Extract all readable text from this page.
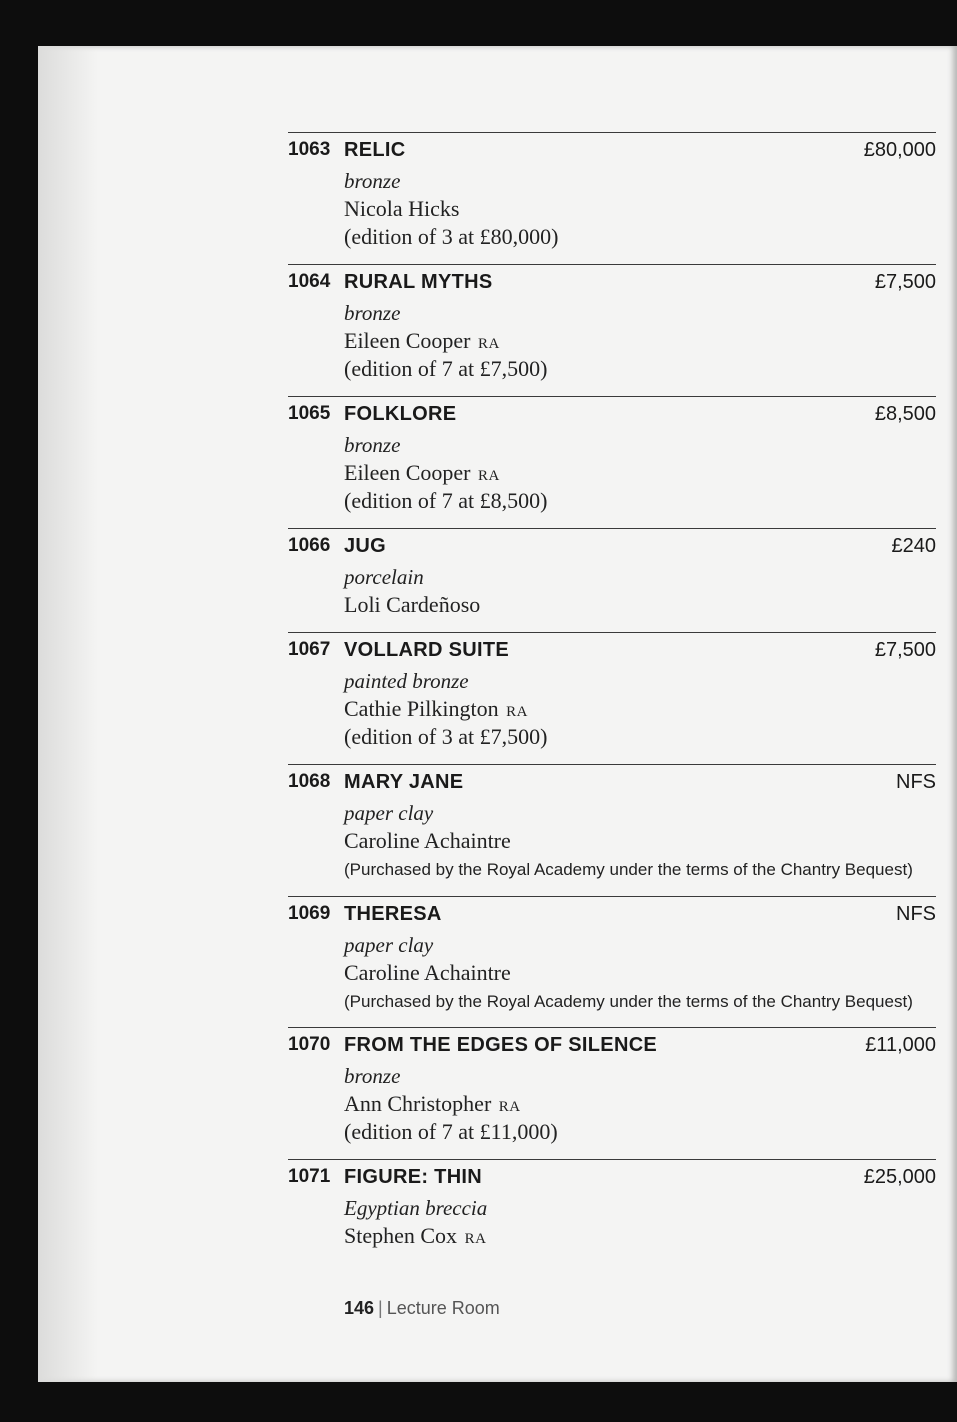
1063 RELIC	£80,000
bronze
Nicola Hicks
(edition of 3 at £80,000)
1064 RURAL MYTHS	£7,500
bronze
Eileen Cooper RA
(edition of 7 at £7,500)
1065 FOLKLORE	£8,500
bronze
Eileen Cooper RA
(edition of 7 at £8,500)
1066 JUG	£240
porcelain
Loli Cardeñoso
1067 VOLLARD SUITE	£7,500
painted bronze
Cathie Pilkington RA
(edition of 3 at £7,500)
1068 MARY JANE	NFS
paper clay
Caroline Achaintre
(Purchased by the Royal Academy under the terms of the Chantry Bequest)
1069 THERESA	NFS
paper clay
Caroline Achaintre
(Purchased by the Royal Academy under the terms of the Chantry Bequest)
1070 FROM THE EDGES OF SILENCE	£11,000
bronze
Ann Christopher RA
(edition of 7 at £11,000)
1071 FIGURE: THIN	£25,000
Egyptian breccia
Stephen Cox RA
146 | Lecture Room
